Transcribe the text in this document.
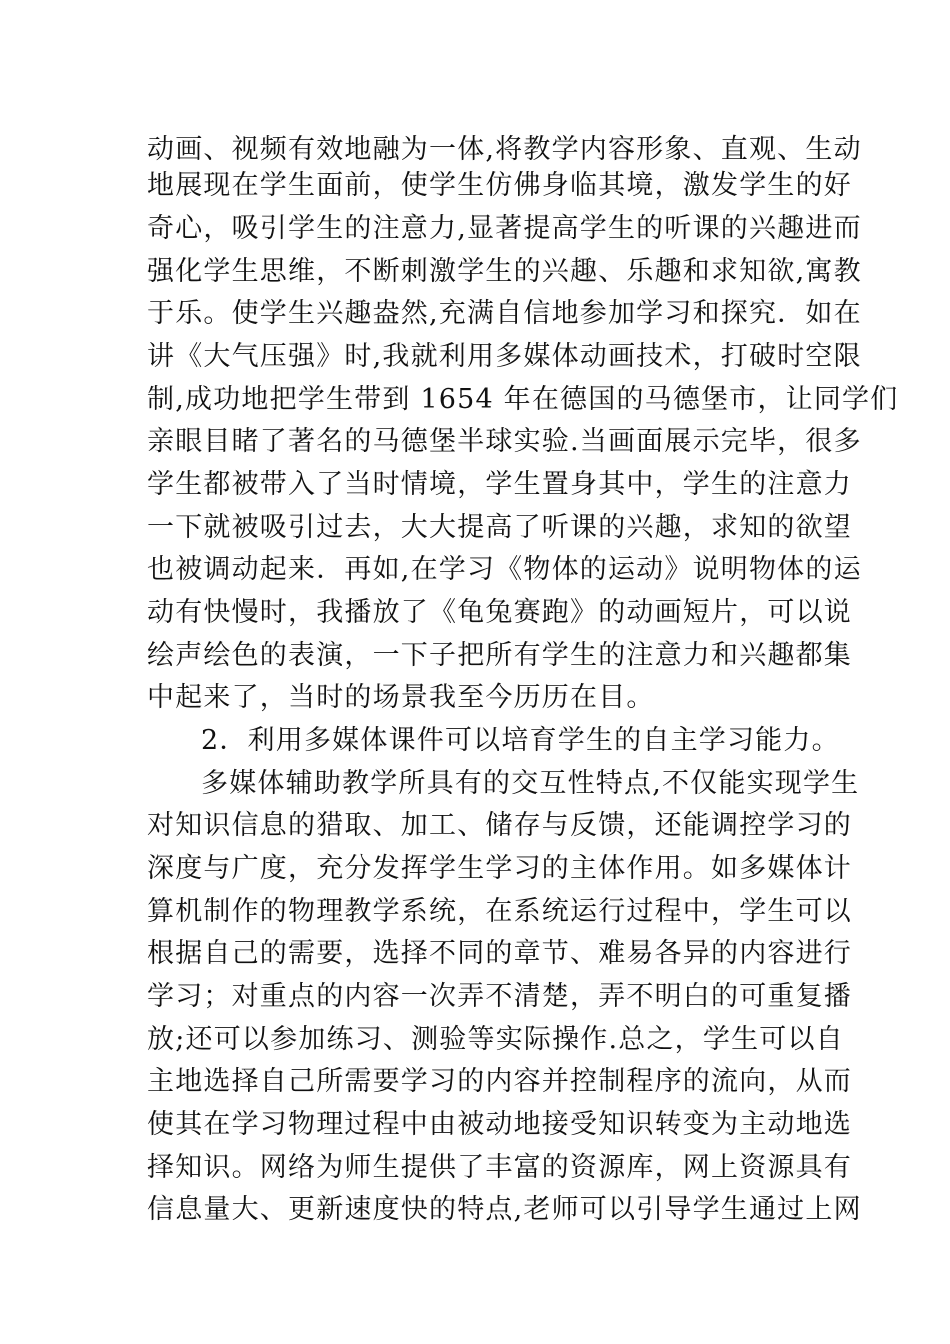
动画、视频有效地融为一体,将教学内容形象、直观、生动
地展现在学生面前，使学生仿佛身临其境，激发学生的好
奇心，吸引学生的注意力,显著提高学生的听课的兴趣进而
强化学生思维，不断刺激学生的兴趣、乐趣和求知欲,寓教
于乐。使学生兴趣盎然,充满自信地参加学习和探究．如在
讲《大气压强》时,我就利用多媒体动画技术，打破时空限
制,成功地把学生带到 1654 年在德国的马德堡市，让同学们
亲眼目睹了著名的马德堡半球实验.当画面展示完毕，很多
学生都被带入了当时情境，学生置身其中，学生的注意力
一下就被吸引过去，大大提高了听课的兴趣，求知的欲望
也被调动起来．再如,在学习《物体的运动》说明物体的运
动有快慢时，我播放了《龟兔赛跑》的动画短片，可以说
绘声绘色的表演，一下子把所有学生的注意力和兴趣都集
中起来了，当时的场景我至今历历在目。
2．利用多媒体课件可以培育学生的自主学习能力。
多媒体辅助教学所具有的交互性特点,不仅能实现学生
对知识信息的猎取、加工、储存与反馈，还能调控学习的
深度与广度，充分发挥学生学习的主体作用。如多媒体计
算机制作的物理教学系统，在系统运行过程中，学生可以
根据自己的需要，选择不同的章节、难易各异的内容进行
学习；对重点的内容一次弄不清楚，弄不明白的可重复播
放;还可以参加练习、测验等实际操作.总之，学生可以自
主地选择自己所需要学习的内容并控制程序的流向，从而
使其在学习物理过程中由被动地接受知识转变为主动地选
择知识。网络为师生提供了丰富的资源库，网上资源具有
信息量大、更新速度快的特点,老师可以引导学生通过上网
